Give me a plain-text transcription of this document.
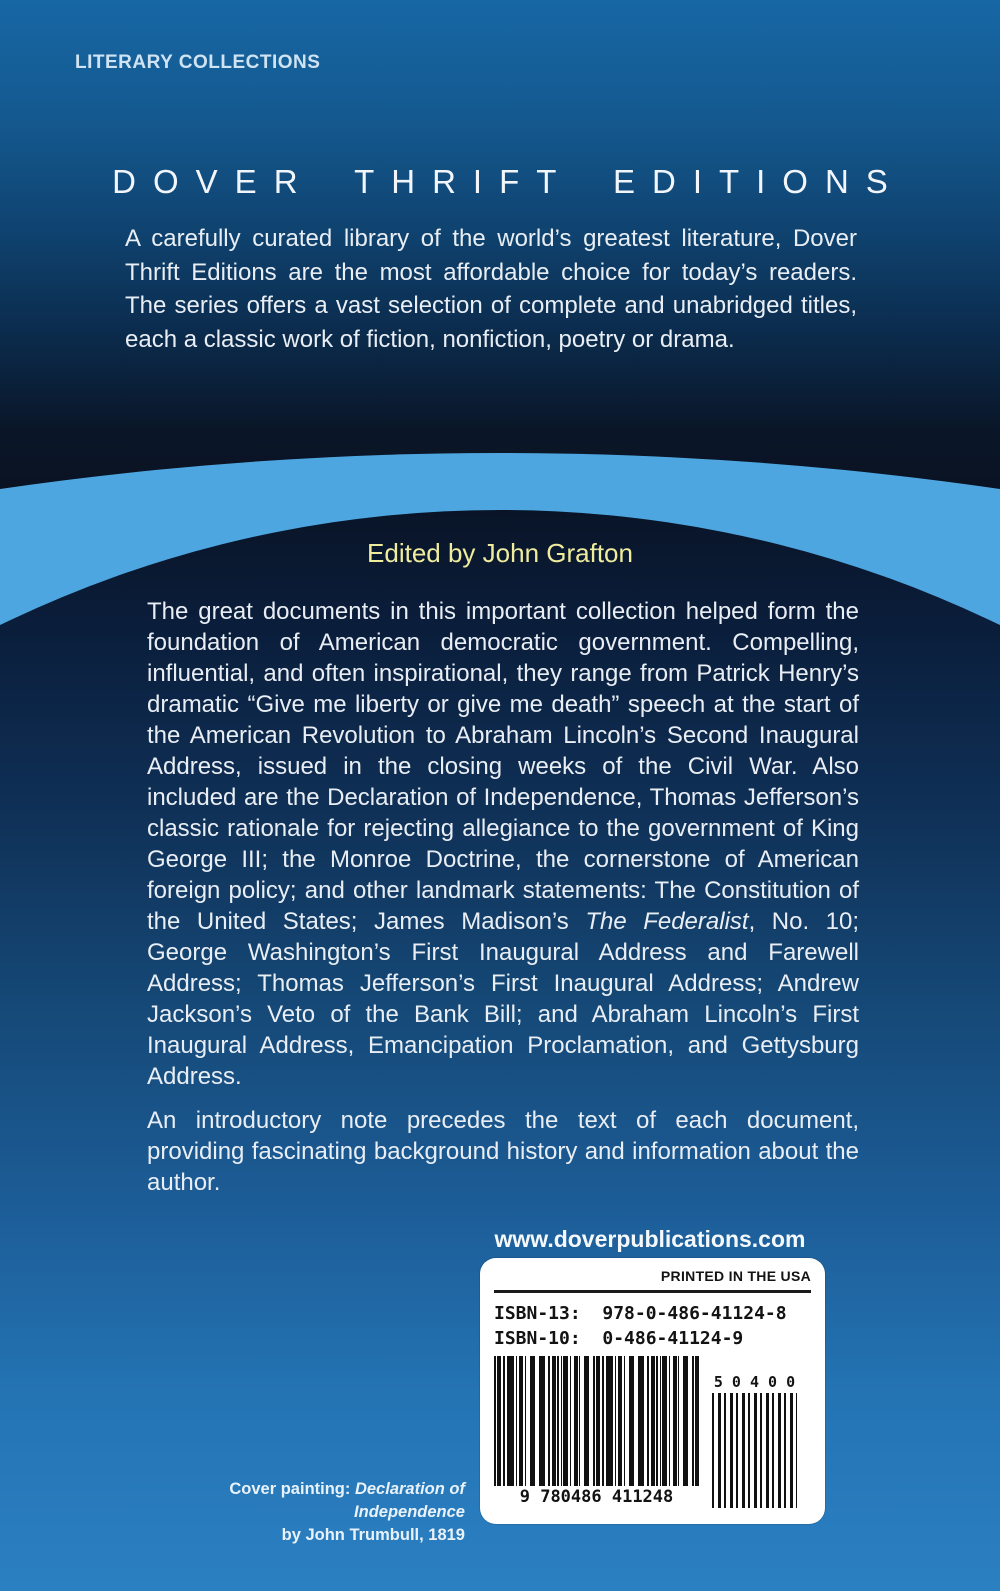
LITERARY COLLECTIONS
DOVER THRIFT EDITIONS
A carefully curated library of the world’s greatest literature, Dover Thrift Editions are the most affordable choice for today’s readers. The series offers a vast selection of complete and unabridged titles, each a classic work of fiction, nonfiction, poetry or drama.
Edited by John Grafton

The great documents in this important collection helped form the foundation of American democratic government. Compelling, influential, and often inspirational, they range from Patrick Henry’s dramatic “Give me liberty or give me death” speech at the start of the American Revolution to Abraham Lincoln’s Second Inaugural Address, issued in the closing weeks of the Civil War. Also included are the Declaration of Independence, Thomas Jefferson’s classic rationale for rejecting allegiance to the government of King George III; the Monroe Doctrine, the cornerstone of American foreign policy; and other landmark statements: The Constitution of the United States; James Madison’s The Federalist, No. 10; George Washington’s First Inaugural Address and Farewell Address; Thomas Jefferson’s First Inaugural Address; Andrew Jackson’s Veto of the Bank Bill; and Abraham Lincoln’s First Inaugural Address, Emancipation Proclamation, and Gettysburg Address.

An introductory note precedes the text of each document, providing fascinating background history and information about the author.

www.doverpublications.com
PRINTED IN THE USA
ISBN-13:  978-0-486-41124-8
ISBN-10:  0-486-41124-9
9 780486 411248
5 0 4 0 0
Cover painting: Declaration of Independence
by John Trumbull, 1819
